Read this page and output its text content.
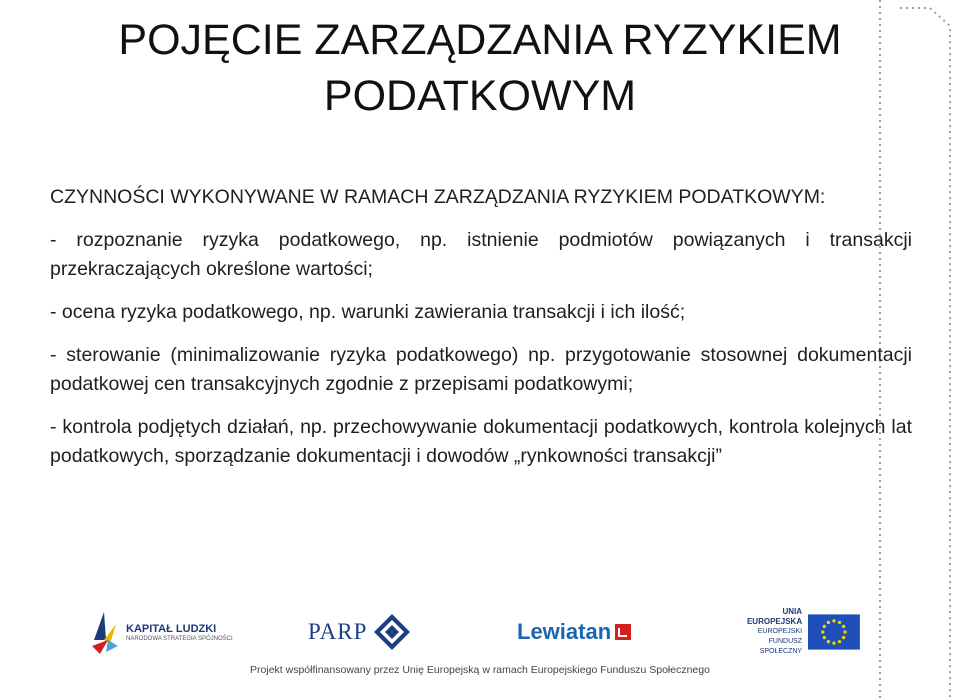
POJĘCIE ZARZĄDZANIA RYZYKIEM
PODATKOWYM

CZYNNOŚCI WYKONYWANE W RAMACH ZARZĄDZANIA RYZYKIEM PODATKOWYM:

- rozpoznanie ryzyka podatkowego, np. istnienie podmiotów powiązanych i transakcji przekraczających określone wartości;

- ocena ryzyka podatkowego, np. warunki zawierania transakcji i ich ilość;

- sterowanie (minimalizowanie ryzyka podatkowego) np. przygotowanie stosownej dokumentacji podatkowej cen transakcyjnych zgodnie z przepisami podatkowymi;

- kontrola podjętych działań, np. przechowywanie dokumentacji podatkowych, kontrola kolejnych lat podatkowych, sporządzanie dokumentacji i dowodów „rynkowności transakcji”

KAPITAŁ LUDZKI
NARODOWA STRATEGIA SPÓJNOŚCI	PARP	Lewiatan
UNIA EUROPEJSKA
EUROPEJSKI
FUNDUSZ SPOŁECZNY
Projekt współfinansowany przez Unię Europejską w ramach Europejskiego Funduszu Społecznego
